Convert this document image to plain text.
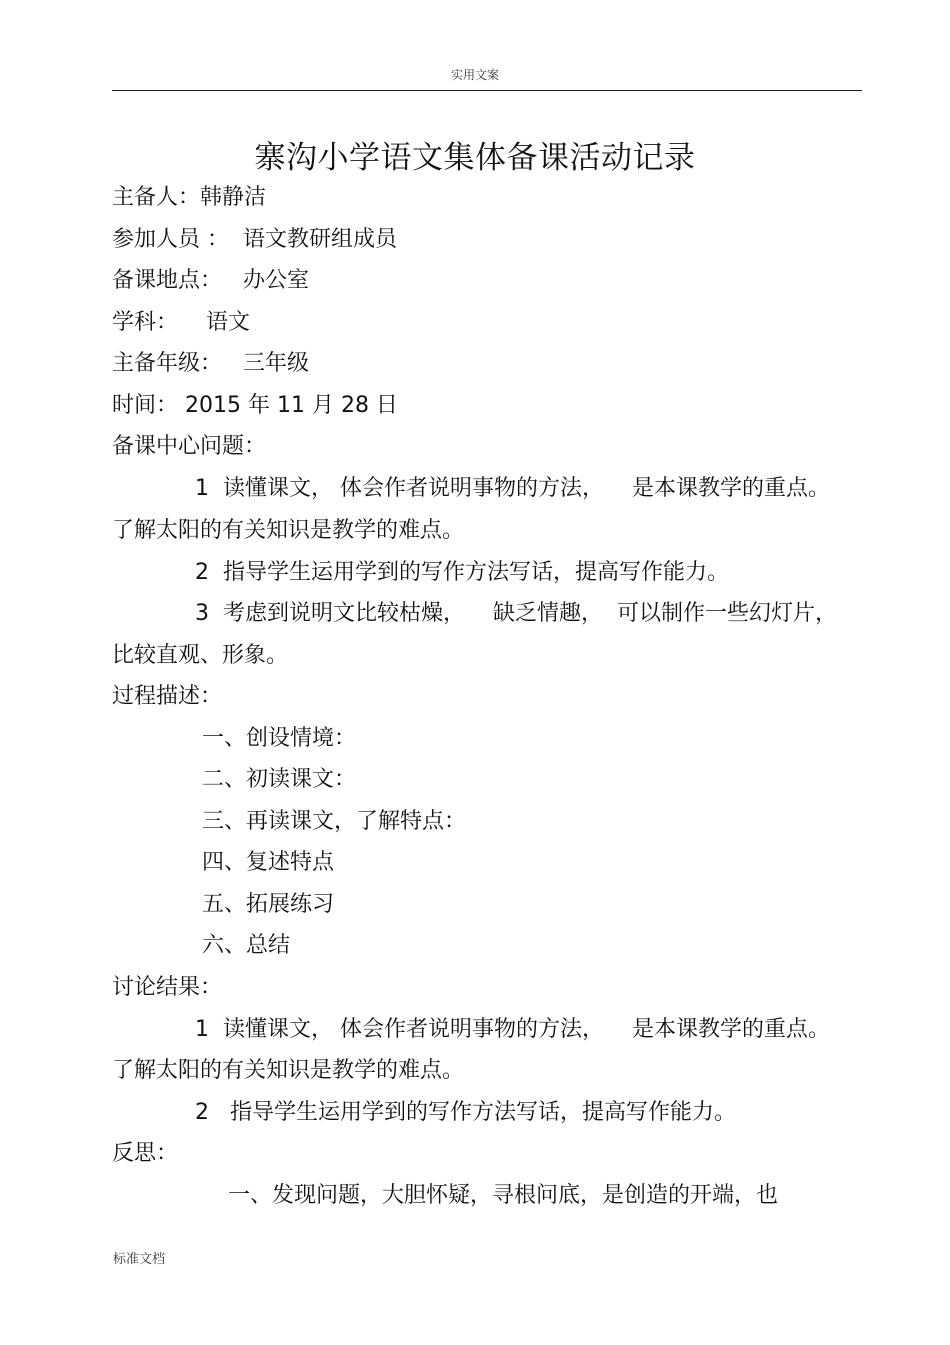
实用文案
寨沟小学语文集体备课活动记录
主备人：韩静洁
参加人员 ：  语文教研组成员
备课地点：   办公室
学科：    语文
主备年级：   三年级
时间： 2015 年 11 月 28 日
备课中心问题：
1  读懂课文， 体会作者说明事物的方法，    是本课教学的重点。
了解太阳的有关知识是教学的难点。
2  指导学生运用学到的写作方法写话，提高写作能力。
3  考虑到说明文比较枯燥，    缺乏情趣，  可以制作一些幻灯片，
比较直观、形象。
过程描述：
一、创设情境：
二、初读课文：
三、再读课文，了解特点：
四、复述特点
五、拓展练习
六、总结
讨论结果：
1  读懂课文， 体会作者说明事物的方法，    是本课教学的重点。
了解太阳的有关知识是教学的难点。
2   指导学生运用学到的写作方法写话，提高写作能力。
反思：
一、发现问题，大胆怀疑，寻根问底，是创造的开端，也
标准文档
